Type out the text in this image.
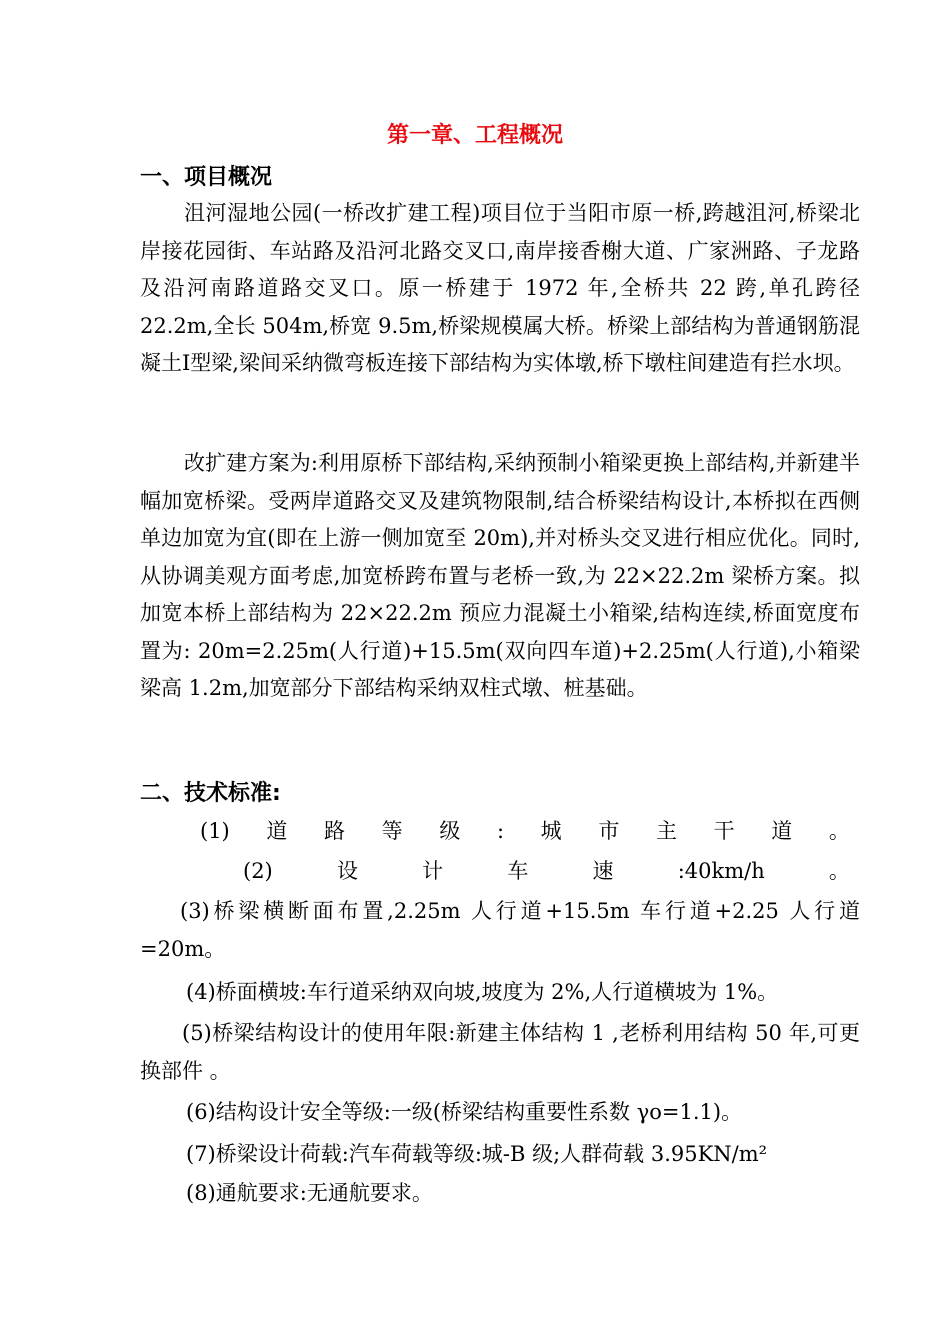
第一章、工程概况
一、项目概况

沮河湿地公园(一桥改扩建工程)项目位于当阳市原一桥,跨越沮河,桥梁北岸接花园街、车站路及沿河北路交叉口,南岸接香榭大道、广家洲路、子龙路及沿河南路道路交叉口。原一桥建于 1972 年,全桥共 22 跨,单孔跨径 22.2m,全长 504m,桥宽 9.5m,桥梁规模属大桥。桥梁上部结构为普通钢筋混凝土Ⅰ型梁,梁间采纳微弯板连接下部结构为实体墩,桥下墩柱间建造有拦水坝。

改扩建方案为:利用原桥下部结构,采纳预制小箱梁更换上部结构,并新建半幅加宽桥梁。受两岸道路交叉及建筑物限制,结合桥梁结构设计,本桥拟在西侧单边加宽为宜(即在上游一侧加宽至 20m),并对桥头交叉进行相应优化。同时,从协调美观方面考虑,加宽桥跨布置与老桥一致,为 22×22.2m 梁桥方案。拟加宽本桥上部结构为 22×22.2m 预应力混凝土小箱梁,结构连续,桥面宽度布置为: 20m=2.25m(人行道)+15.5m(双向四车道)+2.25m(人行道),小箱梁梁高 1.2m,加宽部分下部结构采纳双柱式墩、桩基础。

二、技术标准:
(1) 道 路 等 级 : 城 市 主 干 道 。
(2)	设	计	车	速	:40km/h	。

(3)桥梁横断面布置,2.25m 人行道+15.5m 车行道+2.25 人行道=20m。

(4)桥面横坡:车行道采纳双向坡,坡度为 2%,人行道横坡为 1%。

(5)桥梁结构设计的使用年限:新建主体结构 1 ,老桥利用结构 50 年,可更换部件 。

(6)结构设计安全等级:一级(桥梁结构重要性系数 γo=1.1)。

(7)桥梁设计荷载:汽车荷载等级:城-B 级;人群荷载 3.95KN/m²

(8)通航要求:无通航要求。
